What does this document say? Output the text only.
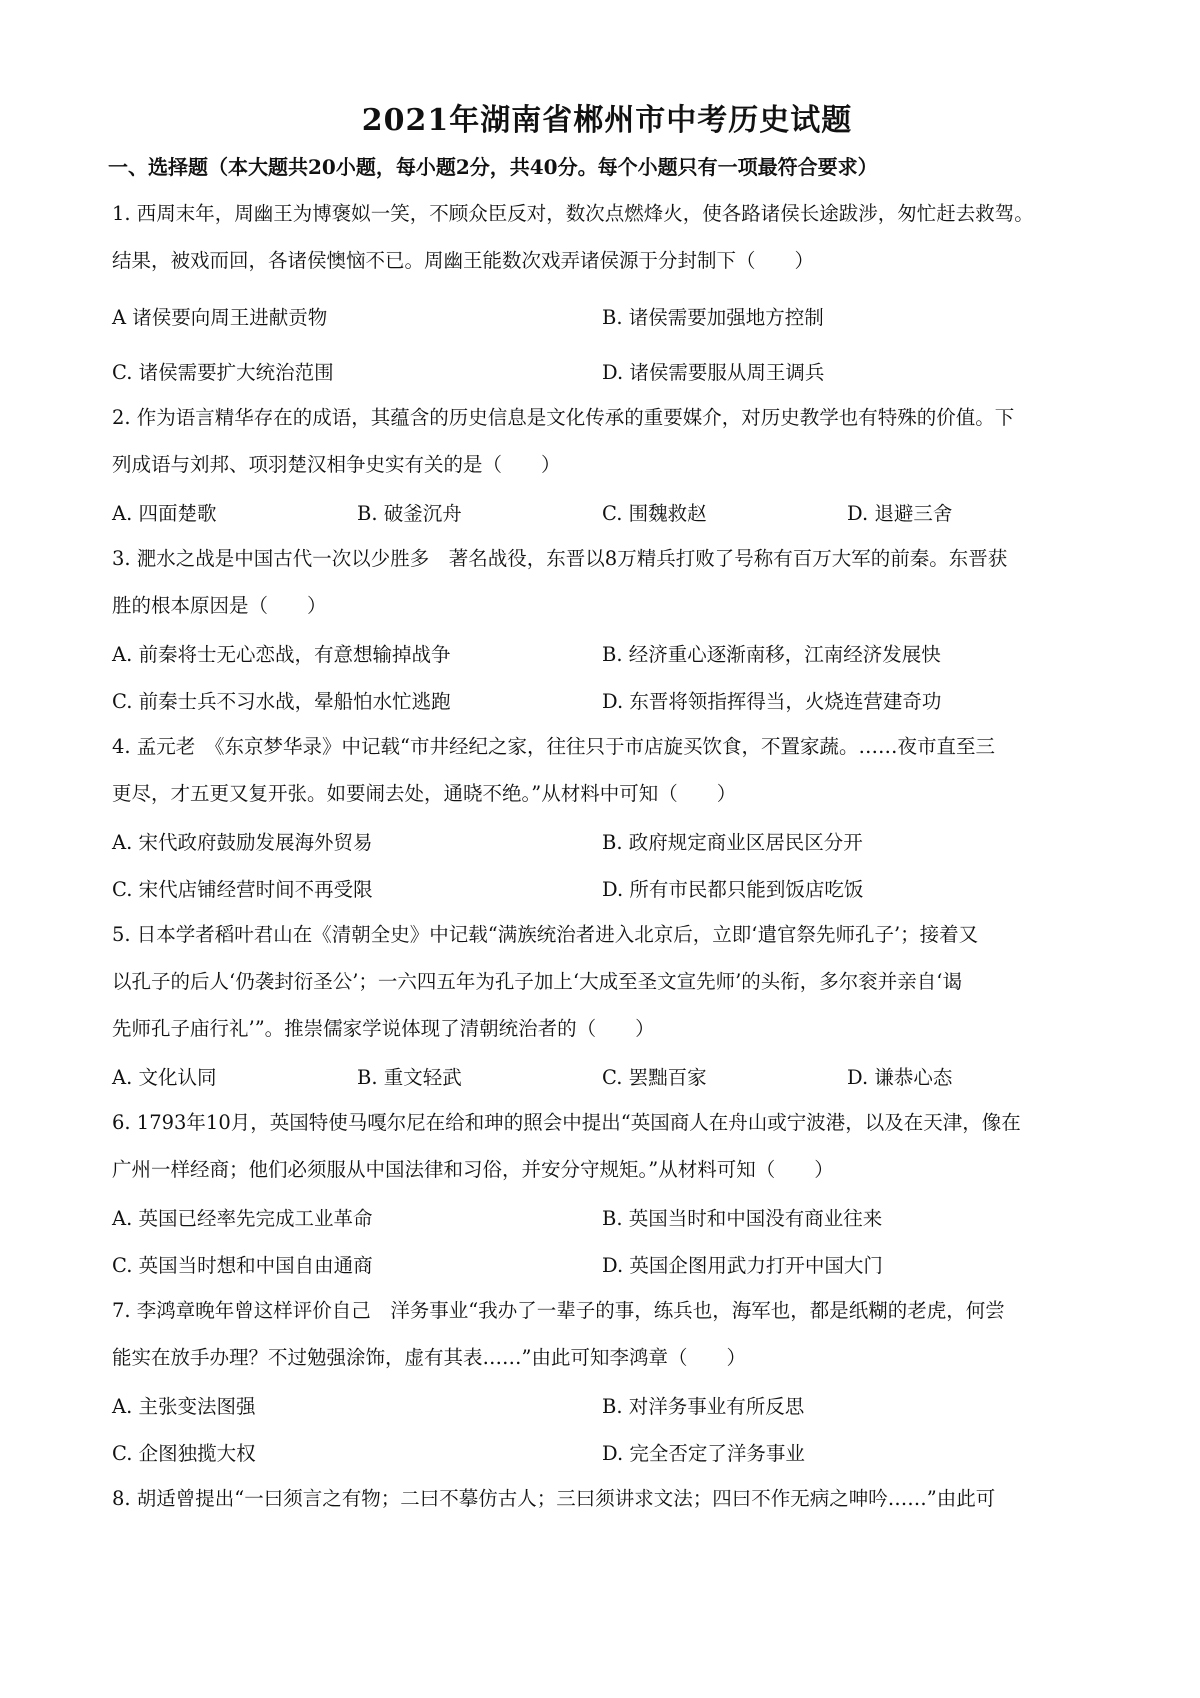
2021年湖南省郴州市中考历史试题
一、选择题（本大题共20小题，每小题2分，共40分。每个小题只有一项最符合要求）
1. 西周末年，周幽王为博褒姒一笑，不顾众臣反对，数次点燃烽火，使各路诸侯长途跋涉，匆忙赶去救驾。
结果，被戏而回，各诸侯懊恼不已。周幽王能数次戏弄诸侯源于分封制下（　　）
A 诸侯要向周王进献贡物	B. 诸侯需要加强地方控制
C. 诸侯需要扩大统治范围	D. 诸侯需要服从周王调兵
2. 作为语言精华存在的成语，其蕴含的历史信息是文化传承的重要媒介，对历史教学也有特殊的价值。下
列成语与刘邦、项羽楚汉相争史实有关的是（　　）
A. 四面楚歌	B. 破釜沉舟	C. 围魏救赵	D. 退避三舍
3. 淝水之战是中国古代一次以少胜多　著名战役，东晋以8万精兵打败了号称有百万大军的前秦。东晋获
胜的根本原因是（　　）
A. 前秦将士无心恋战，有意想输掉战争	B. 经济重心逐渐南移，江南经济发展快
C. 前秦士兵不习水战，晕船怕水忙逃跑	D. 东晋将领指挥得当，火烧连营建奇功
4. 孟元老　《东京梦华录》中记载“市井经纪之家，往往只于市店旋买饮食，不置家蔬。……夜市直至三
更尽，才五更又复开张。如要闹去处，通晓不绝。”从材料中可知（　　）
A. 宋代政府鼓励发展海外贸易	B. 政府规定商业区居民区分开
C. 宋代店铺经营时间不再受限	D. 所有市民都只能到饭店吃饭
5. 日本学者稻叶君山在《清朝全史》中记载“满族统治者进入北京后，立即‘遣官祭先师孔子’；接着又
以孔子的后人‘仍袭封衍圣公’；一六四五年为孔子加上‘大成至圣文宣先师’的头衔，多尔衮并亲自‘谒
先师孔子庙行礼’”。推崇儒家学说体现了清朝统治者的（　　）
A. 文化认同	B. 重文轻武	C. 罢黜百家	D. 谦恭心态
6. 1793年10月，英国特使马嘎尔尼在给和珅的照会中提出“英国商人在舟山或宁波港，以及在天津，像在
广州一样经商；他们必须服从中国法律和习俗，并安分守规矩。”从材料可知（　　）
A. 英国已经率先完成工业革命	B. 英国当时和中国没有商业往来
C. 英国当时想和中国自由通商	D. 英国企图用武力打开中国大门
7. 李鸿章晚年曾这样评价自己　洋务事业“我办了一辈子的事，练兵也，海军也，都是纸糊的老虎，何尝
能实在放手办理？不过勉强涂饰，虚有其表……”由此可知李鸿章（　　）
A. 主张变法图强	B. 对洋务事业有所反思
C. 企图独揽大权	D. 完全否定了洋务事业
8. 胡适曾提出“一曰须言之有物；二曰不摹仿古人；三曰须讲求文法；四曰不作无病之呻吟……”由此可
